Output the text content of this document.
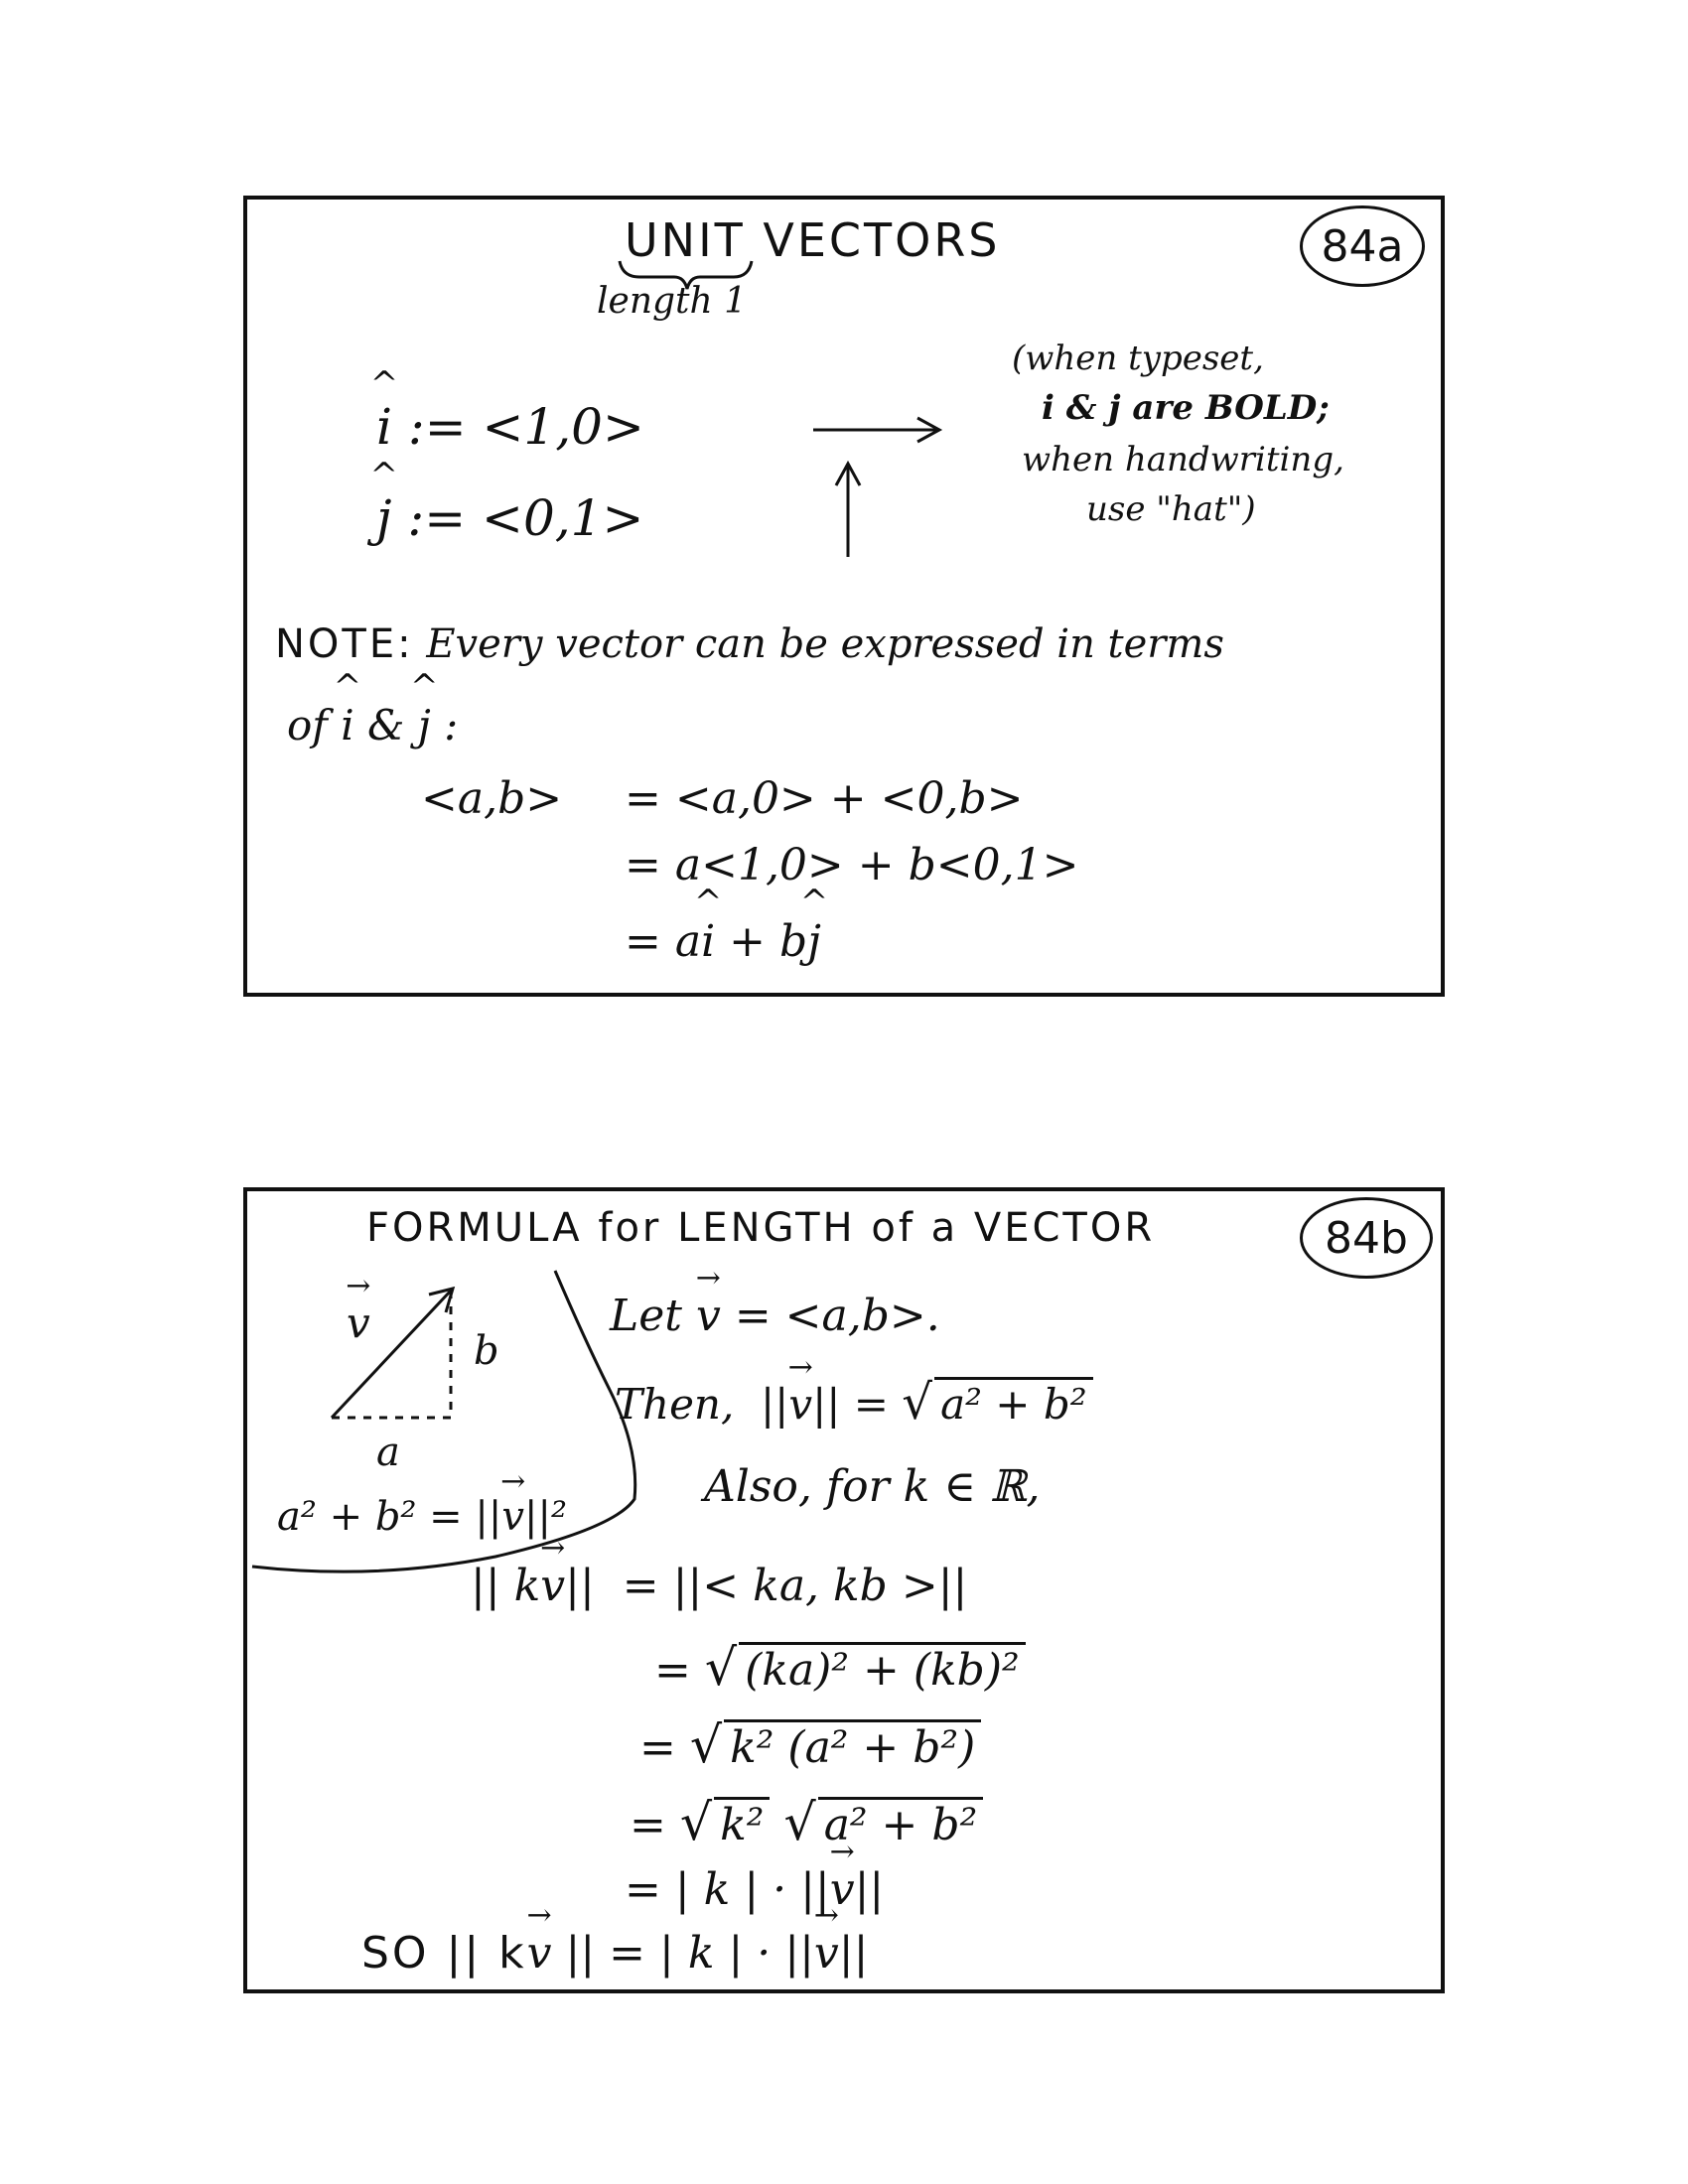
UNIT VECTORS
length 1
84a
^ i := <1,0>
^ j := <0,1>
(when typeset,
i & j are BOLD;
when handwriting,
use "hat")
NOTE: Every vector can be expressed in terms
of ^ i & ^ j :
<a,b> = <a,0> + <0,b>
= a<1,0> + b<0,1>
= a^ i + b^ j
FORMULA for LENGTH of a VECTOR	84b
→ v
b
a
a² + b² = ||→ v||²
Let → v = <a,b>.
Then, ||→ v|| = √ a² + b²
Also, for k ∈ ℝ,
|| k→ v|| = ||< ka, kb >||
= √ (ka)² + (kb)²
= √ k² (a² + b²)
= √ k² √ a² + b²
= | k | · ||→ v||
SO || k→ v || = | k | · ||→ v||
